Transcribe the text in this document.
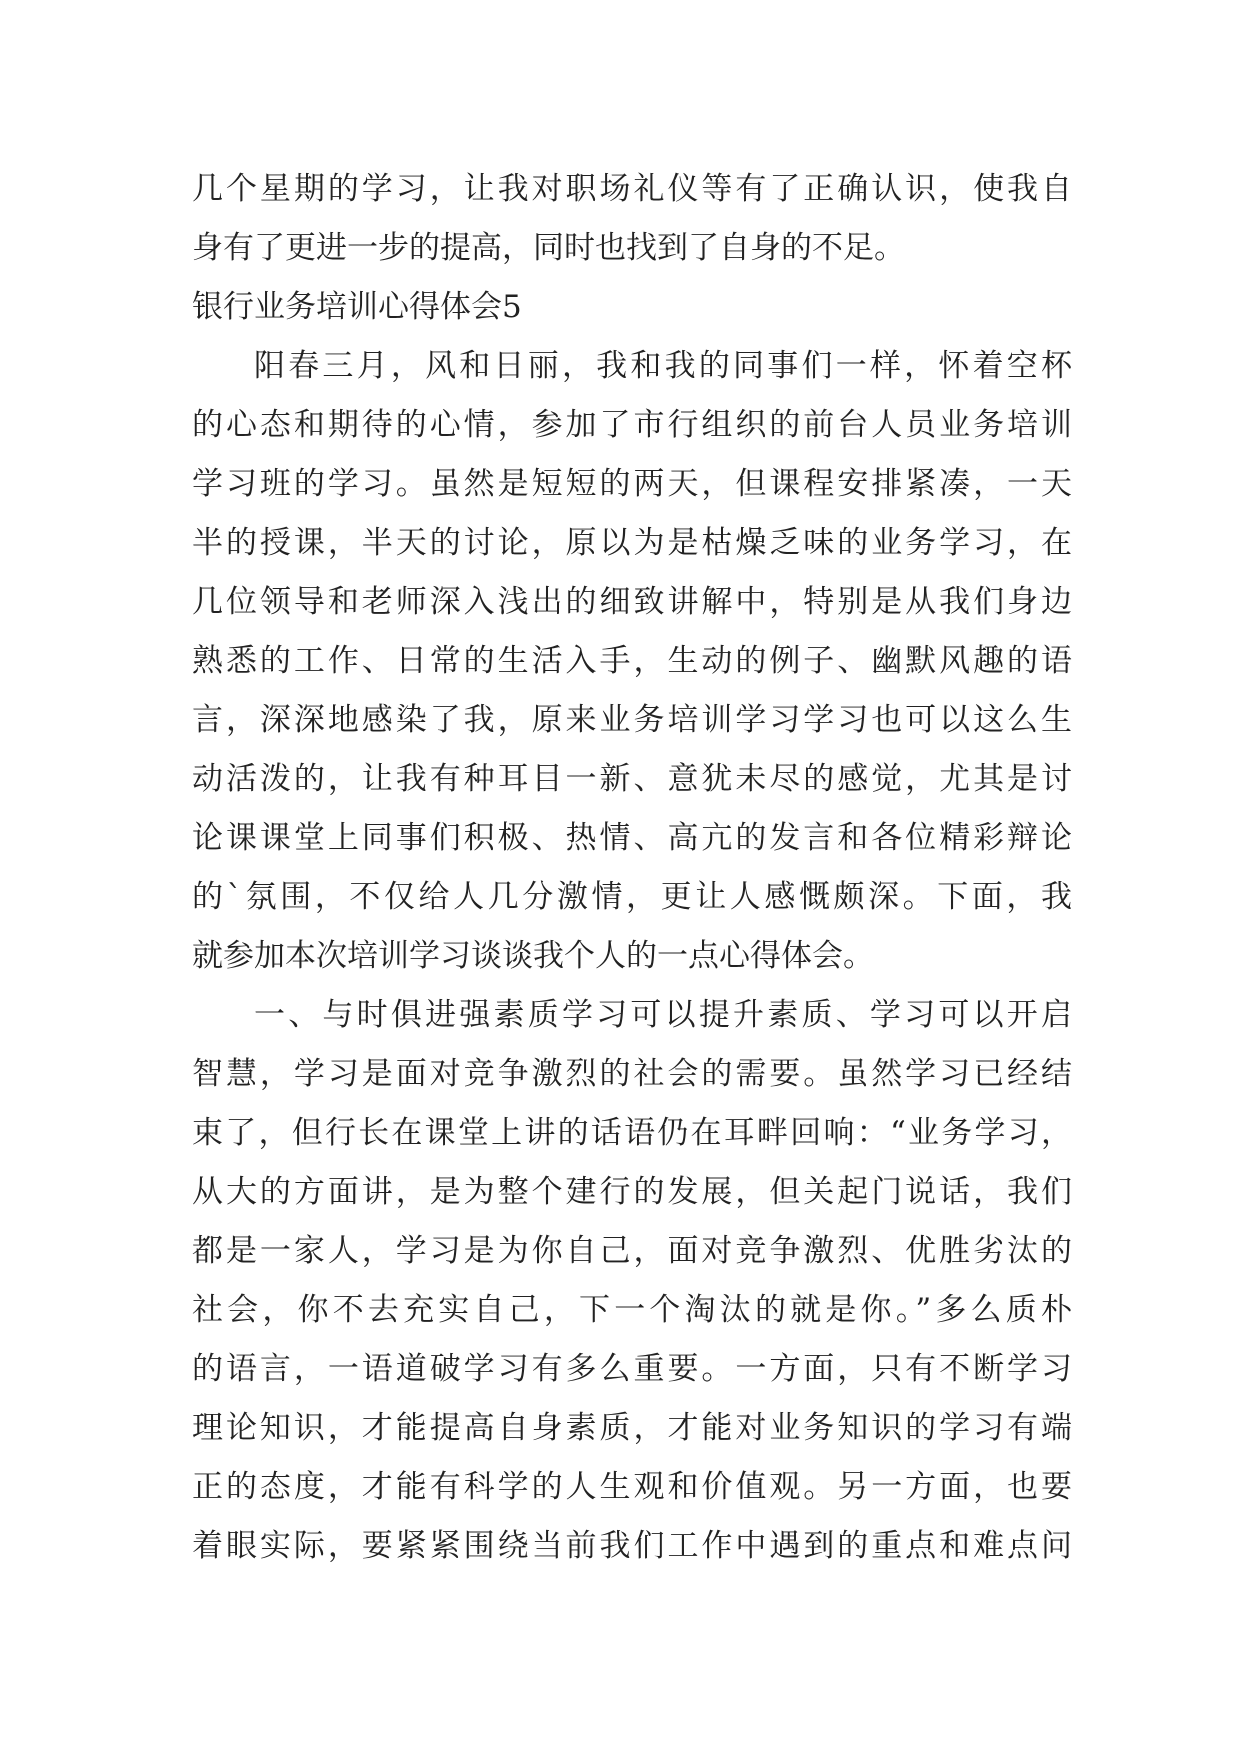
几个星期的学习，让我对职场礼仪等有了正确认识，使我自
身有了更进一步的提高，同时也找到了自身的不足。
银行业务培训心得体会5
阳春三月，风和日丽，我和我的同事们一样，怀着空杯
的心态和期待的心情，参加了市行组织的前台人员业务培训
学习班的学习。虽然是短短的两天，但课程安排紧凑，一天
半的授课，半天的讨论，原以为是枯燥乏味的业务学习，在
几位领导和老师深入浅出的细致讲解中，特别是从我们身边
熟悉的工作、日常的生活入手，生动的例子、幽默风趣的语
言，深深地感染了我，原来业务培训学习学习也可以这么生
动活泼的，让我有种耳目一新、意犹未尽的感觉，尤其是讨
论课课堂上同事们积极、热情、高亢的发言和各位精彩辩论
的`氛围，不仅给人几分激情，更让人感慨颇深。下面，我
就参加本次培训学习谈谈我个人的一点心得体会。
一、与时俱进强素质学习可以提升素质、学习可以开启
智慧，学习是面对竞争激烈的社会的需要。虽然学习已经结
束了，但行长在课堂上讲的话语仍在耳畔回响：“业务学习，
从大的方面讲，是为整个建行的发展，但关起门说话，我们
都是一家人，学习是为你自己，面对竞争激烈、优胜劣汰的
社会，你不去充实自己，下一个淘汰的就是你。”多么质朴
的语言，一语道破学习有多么重要。一方面，只有不断学习
理论知识，才能提高自身素质，才能对业务知识的学习有端
正的态度，才能有科学的人生观和价值观。另一方面，也要
着眼实际，要紧紧围绕当前我们工作中遇到的重点和难点问
